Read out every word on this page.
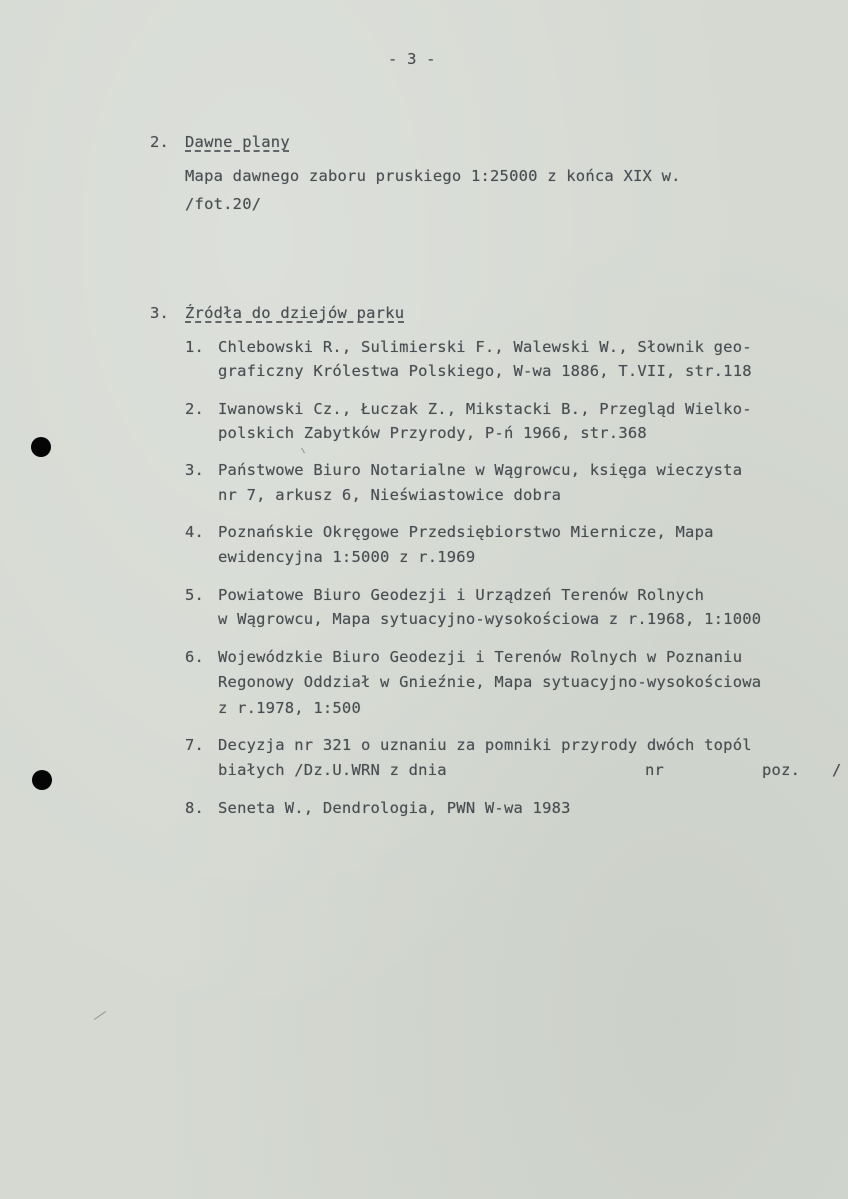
- 3 -
2. Dawne plany
Mapa dawnego zaboru pruskiego 1:25000 z końca XIX w.
/fot.20/
3. Źródła do dziejów parku
1. Chlebowski R., Sulimierski F., Walewski W., Słownik geo-
graficzny Królestwa Polskiego, W-wa 1886, T.VII, str.118
2. Iwanowski Cz., Łuczak Z., Mikstacki B., Przegląd Wielko-
polskich Zabytków Przyrody, P-ń 1966, str.368
3. Państwowe Biuro Notarialne w Wągrowcu, księga wieczysta
nr 7, arkusz 6, Nieświastowice dobra
4. Poznańskie Okręgowe Przedsiębiorstwo Miernicze, Mapa
ewidencyjna 1:5000 z r.1969
5. Powiatowe Biuro Geodezji i Urządzeń Terenów Rolnych
w Wągrowcu, Mapa sytuacyjno-wysokościowa z r.1968, 1:1000
6. Wojewódzkie Biuro Geodezji i Terenów Rolnych w Poznaniu
Regonowy Oddział w Gnieźnie, Mapa sytuacyjno-wysokościowa
z r.1978, 1:500
7. Decyzja nr 321 o uznaniu za pomniki przyrody dwóch topól
białych /Dz.U.WRN z dnia	nr	poz. /
8. Seneta W., Dendrologia, PWN W-wa 1983
